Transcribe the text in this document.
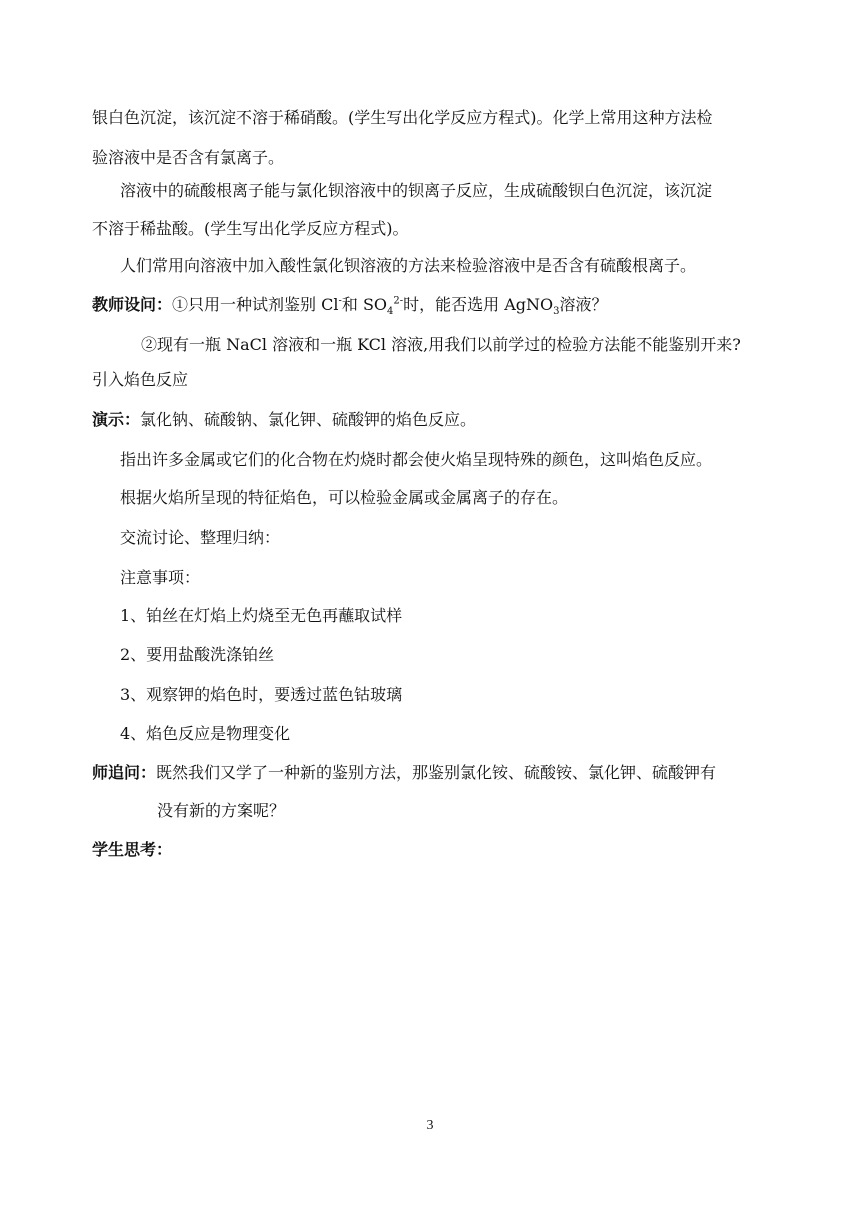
银白色沉淀，该沉淀不溶于稀硝酸。(学生写出化学反应方程式)。化学上常用这种方法检
验溶液中是否含有氯离子。
溶液中的硫酸根离子能与氯化钡溶液中的钡离子反应，生成硫酸钡白色沉淀，该沉淀
不溶于稀盐酸。(学生写出化学反应方程式)。
人们常用向溶液中加入酸性氯化钡溶液的方法来检验溶液中是否含有硫酸根离子。
教师设问：①只用一种试剂鉴别 Cl-和 $SO_4^{2-}$时，能否选用 AgNO$_3$溶液？
②现有一瓶 NaCl 溶液和一瓶 KCl 溶液,用我们以前学过的检验方法能不能鉴别开来?
引入焰色反应
演示：氯化钠、硫酸钠、氯化钾、硫酸钾的焰色反应。
指出许多金属或它们的化合物在灼烧时都会使火焰呈现特殊的颜色，这叫焰色反应。
根据火焰所呈现的特征焰色，可以检验金属或金属离子的存在。
交流讨论、整理归纳：
注意事项：
1、铂丝在灯焰上灼烧至无色再蘸取试样
2、要用盐酸洗涤铂丝
3、观察钾的焰色时，要透过蓝色钴玻璃
4、焰色反应是物理变化
师追问：既然我们又学了一种新的鉴别方法，那鉴别氯化铵、硫酸铵、氯化钾、硫酸钾有
没有新的方案呢？
学生思考：
3
